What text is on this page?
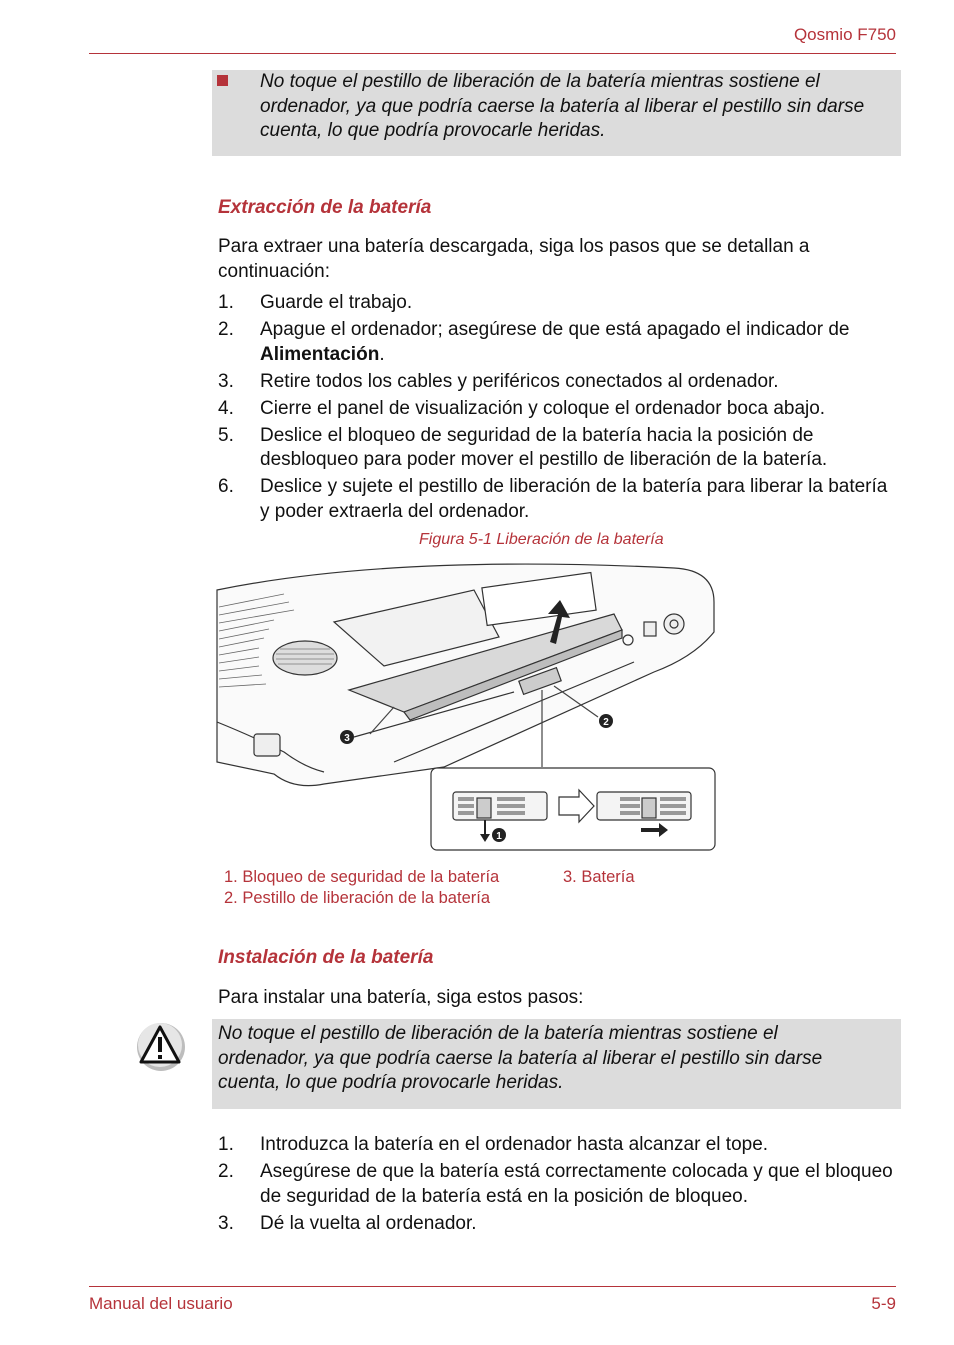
Qosmio F750
No toque el pestillo de liberación de la batería mientras sostiene el ordenador, ya que podría caerse la batería al liberar el pestillo sin darse cuenta, lo que podría provocarle heridas.
Extracción de la batería
Para extraer una batería descargada, siga los pasos que se detallan a continuación:
1. Guarde el trabajo.
2. Apague el ordenador; asegúrese de que está apagado el indicador de Alimentación.
3. Retire todos los cables y periféricos conectados al ordenador.
4. Cierre el panel de visualización y coloque el ordenador boca abajo.
5. Deslice el bloqueo de seguridad de la batería hacia la posición de desbloqueo para poder mover el pestillo de liberación de la batería.
6. Deslice y sujete el pestillo de liberación de la batería para liberar la batería y poder extraerla del ordenador.
Figura 5-1 Liberación de la batería
1
2
3
1. Bloqueo de seguridad de la batería
2. Pestillo de liberación de la batería
3. Batería
Instalación de la batería
Para instalar una batería, siga estos pasos:
No toque el pestillo de liberación de la batería mientras sostiene el ordenador, ya que podría caerse la batería al liberar el pestillo sin darse cuenta, lo que podría provocarle heridas.
1. Introduzca la batería en el ordenador hasta alcanzar el tope.
2. Asegúrese de que la batería está correctamente colocada y que el bloqueo de seguridad de la batería está en la posición de bloqueo.
3. Dé la vuelta al ordenador.
Manual del usuario	5-9
